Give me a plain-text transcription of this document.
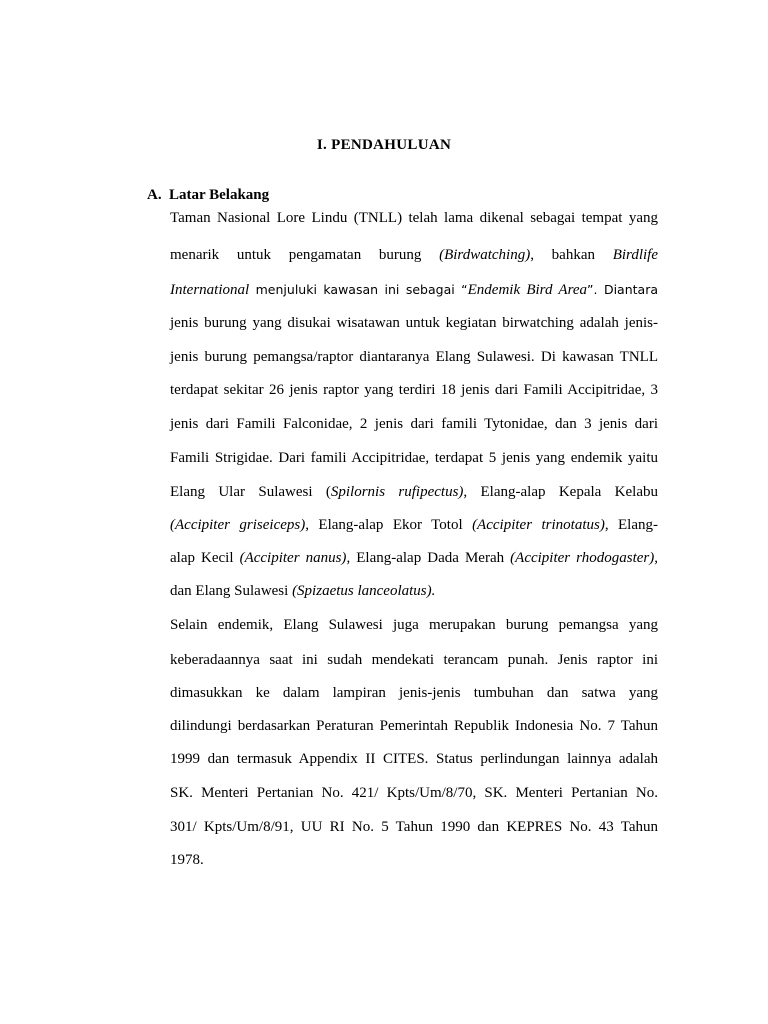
I. PENDAHULUAN
A. Latar Belakang
Taman Nasional Lore Lindu (TNLL) telah lama dikenal sebagai tempat yang
menarik untuk pengamatan burung (Birdwatching), bahkan Birdlife
International menjuluki kawasan ini sebagai “Endemik Bird Area”. Diantara
jenis burung yang disukai wisatawan untuk kegiatan birwatching adalah jenis-
jenis burung pemangsa/raptor diantaranya Elang Sulawesi. Di kawasan TNLL
terdapat sekitar 26 jenis raptor yang terdiri 18 jenis dari Famili Accipitridae, 3
jenis dari Famili Falconidae, 2 jenis dari famili Tytonidae, dan 3 jenis dari
Famili Strigidae. Dari famili Accipitridae, terdapat 5 jenis yang endemik yaitu
Elang Ular Sulawesi (Spilornis rufipectus), Elang-alap Kepala Kelabu
(Accipiter griseiceps), Elang-alap Ekor Totol (Accipiter trinotatus), Elang-
alap Kecil (Accipiter nanus), Elang-alap Dada Merah (Accipiter rhodogaster),
dan Elang Sulawesi (Spizaetus lanceolatus).
Selain endemik, Elang Sulawesi juga merupakan burung pemangsa yang
keberadaannya saat ini sudah mendekati terancam punah. Jenis raptor ini
dimasukkan ke dalam lampiran jenis-jenis tumbuhan dan satwa yang
dilindungi berdasarkan Peraturan Pemerintah Republik Indonesia No. 7 Tahun
1999 dan termasuk Appendix II CITES. Status perlindungan lainnya adalah
SK. Menteri Pertanian No. 421/ Kpts/Um/8/70, SK. Menteri Pertanian No.
301/ Kpts/Um/8/91, UU RI No. 5 Tahun 1990 dan KEPRES No. 43 Tahun
1978.
